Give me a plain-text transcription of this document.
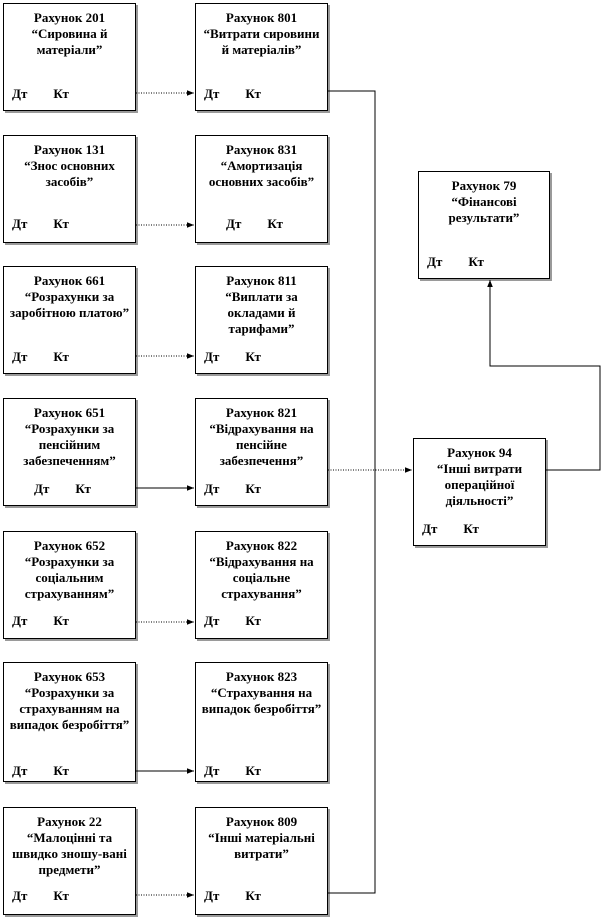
Рахунок 201
“Сировина й матеріали”
Дт Кт
Рахунок 131
“Знос основних засобів”
Дт Кт
Рахунок 661
“Розрахунки за заробітною платою”
Дт Кт
Рахунок 651
“Розрахунки за пенсійним забезпеченням”
Дт Кт
Рахунок 652
“Розрахунки за соціальним страхуванням”
Дт Кт
Рахунок 653
“Розрахунки за страхуванням на випадок безробіття”
Дт Кт
Рахунок 22
“Малоцінні та швидко зношу-вані предмети”
Дт Кт
Рахунок 801
“Витрати сировини й матеріалів”
Дт Кт
Рахунок 831
“Амортизація основних засобів”
Дт Кт
Рахунок 811
“Виплати за окладами й тарифами”
Дт Кт
Рахунок 821
“Відрахування на пенсійне забезпечення”
Дт Кт
Рахунок 822
“Відрахування на соціальне страхування”
Дт Кт
Рахунок 823
“Страхування на випадок безробіття”
Дт Кт
Рахунок 809
“Інші матеріальні витрати”
Дт Кт
Рахунок 79
“Фінансові результати”
Дт Кт
Рахунок 94
“Інші витрати операційної діяльності”
Дт Кт
